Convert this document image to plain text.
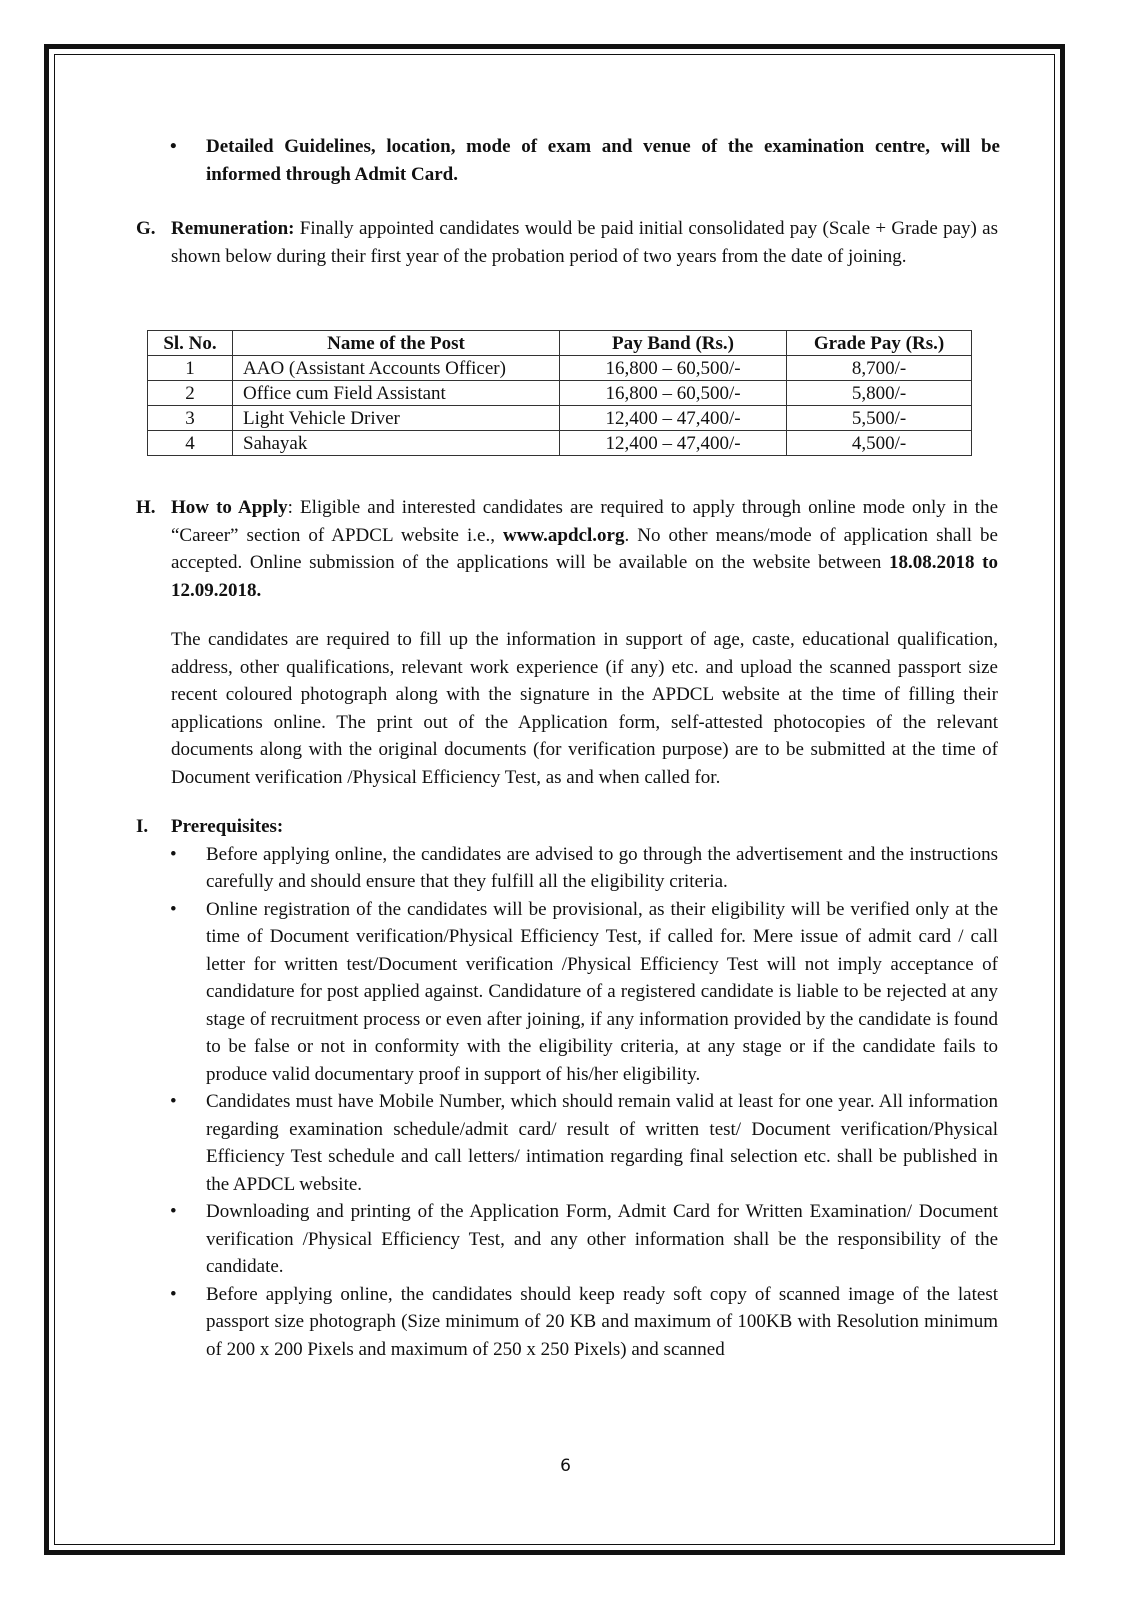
• Detailed Guidelines, location, mode of exam and venue of the examination centre, will be informed through Admit Card.
G. Remuneration: Finally appointed candidates would be paid initial consolidated pay (Scale + Grade pay) as shown below during their first year of the probation period of two years from the date of joining.
Sl. No.	Name of the Post	Pay Band (Rs.)	Grade Pay (Rs.)
1	AAO (Assistant Accounts Officer)	16,800 – 60,500/-	8,700/-
2	Office cum Field Assistant	16,800 – 60,500/-	5,800/-
3	Light Vehicle Driver	12,400 – 47,400/-	5,500/-
4	Sahayak	12,400 – 47,400/-	4,500/-
H. How to Apply: Eligible and interested candidates are required to apply through online mode only in the “Career” section of APDCL website i.e., www.apdcl.org. No other means/mode of application shall be accepted. Online submission of the applications will be available on the website between 18.08.2018 to 12.09.2018.
The candidates are required to fill up the information in support of age, caste, educational qualification, address, other qualifications, relevant work experience (if any) etc. and upload the scanned passport size recent coloured photograph along with the signature in the APDCL website at the time of filling their applications online. The print out of the Application form, self-attested photocopies of the relevant documents along with the original documents (for verification purpose) are to be submitted at the time of Document verification /Physical Efficiency Test, as and when called for.
I. Prerequisites:
• Before applying online, the candidates are advised to go through the advertisement and the instructions carefully and should ensure that they fulfill all the eligibility criteria.
• Online registration of the candidates will be provisional, as their eligibility will be verified only at the time of Document verification/Physical Efficiency Test, if called for. Mere issue of admit card / call letter for written test/Document verification /Physical Efficiency Test will not imply acceptance of candidature for post applied against. Candidature of a registered candidate is liable to be rejected at any stage of recruitment process or even after joining, if any information provided by the candidate is found to be false or not in conformity with the eligibility criteria, at any stage or if the candidate fails to produce valid documentary proof in support of his/her eligibility.
• Candidates must have Mobile Number, which should remain valid at least for one year. All information regarding examination schedule/admit card/ result of written test/ Document verification/Physical Efficiency Test schedule and call letters/ intimation regarding final selection etc. shall be published in the APDCL website.
• Downloading and printing of the Application Form, Admit Card for Written Examination/ Document verification /Physical Efficiency Test, and any other information shall be the responsibility of the candidate.
• Before applying online, the candidates should keep ready soft copy of scanned image of the latest passport size photograph (Size minimum of 20 KB and maximum of 100KB with Resolution minimum of 200 x 200 Pixels and maximum of 250 x 250 Pixels) and scanned
6
